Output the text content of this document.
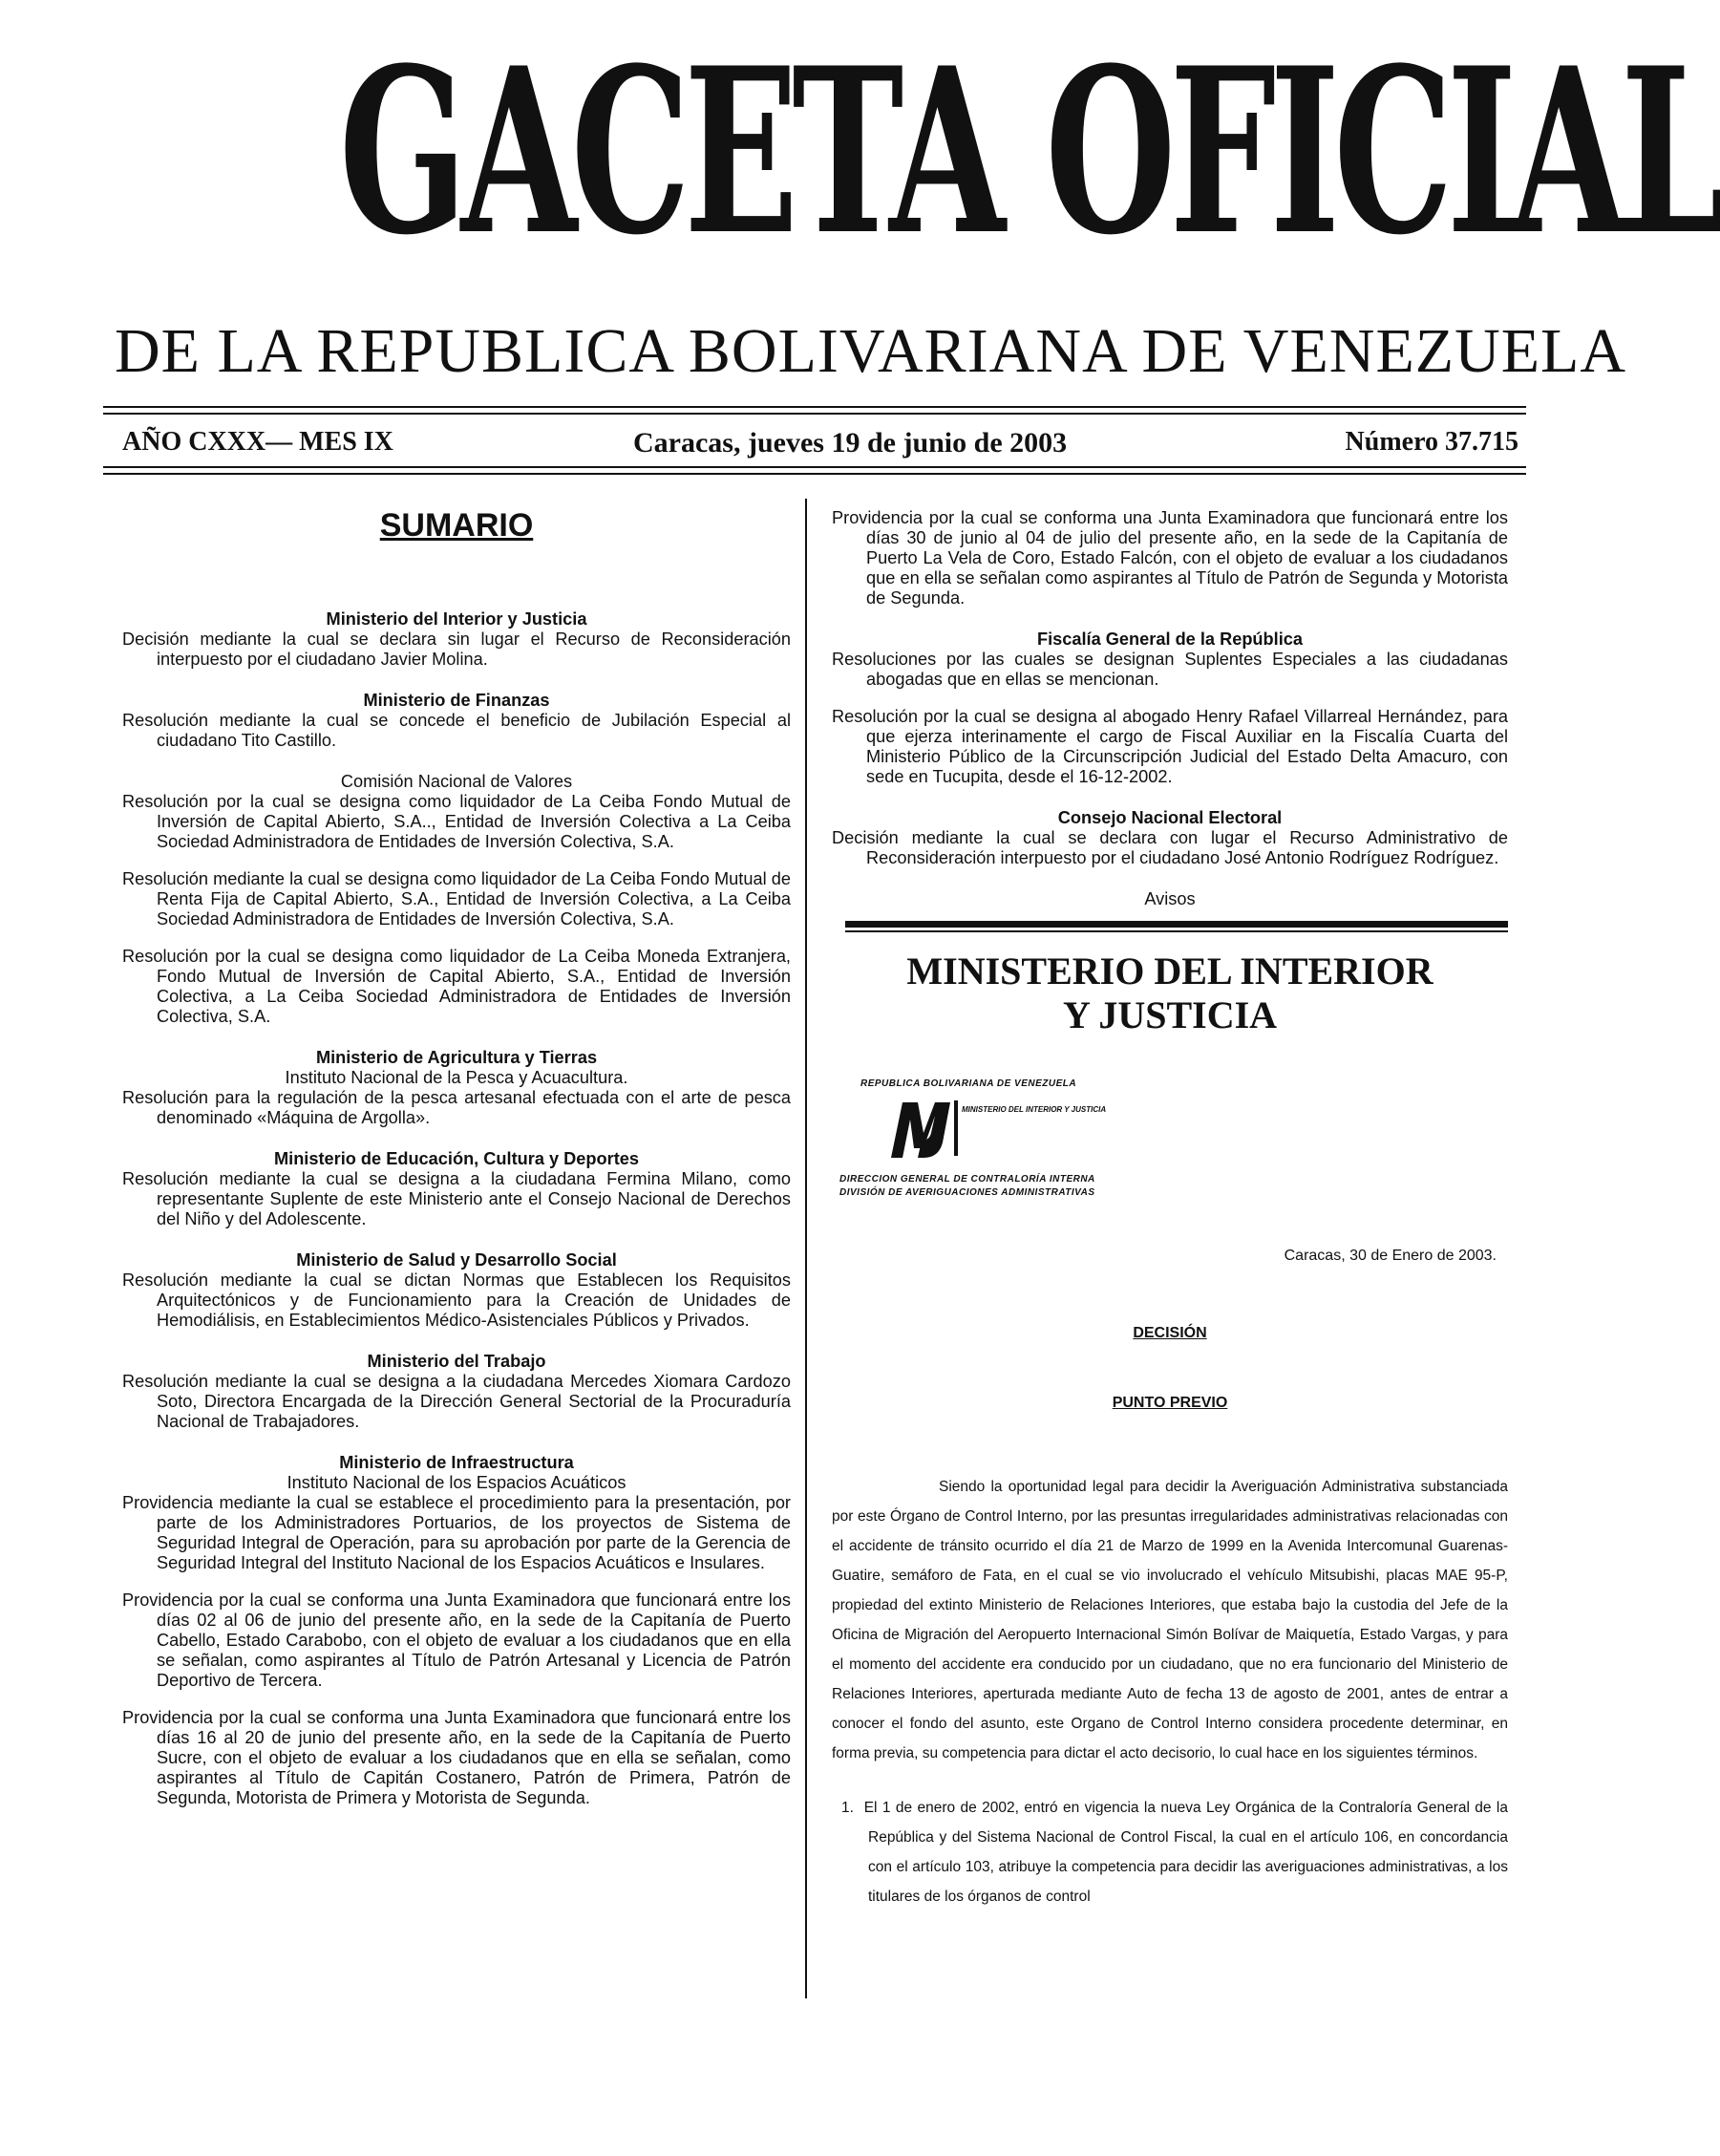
GACETA OFICIAL
DE LA REPUBLICA BOLIVARIANA DE VENEZUELA
AÑO CXXX— MES IX	Caracas, jueves 19 de junio de 2003	Número 37.715
SUMARIO
Ministerio del Interior y Justicia
Decisión mediante la cual se declara sin lugar el Recurso de Reconsideración interpuesto por el ciudadano Javier Molina.
Ministerio de Finanzas
Resolución mediante la cual se concede el beneficio de Jubilación Especial al ciudadano Tito Castillo.
Comisión Nacional de Valores
Resolución por la cual se designa como liquidador de La Ceiba Fondo Mutual de Inversión de Capital Abierto, S.A.., Entidad de Inversión Colectiva a La Ceiba Sociedad Administradora de Entidades de Inversión Colectiva, S.A.
Resolución mediante la cual se designa como liquidador de La Ceiba Fondo Mutual de Renta Fija de Capital Abierto, S.A., Entidad de Inversión Colectiva, a La Ceiba Sociedad Administradora de Entidades de Inversión Colectiva, S.A.
Resolución por la cual se designa como liquidador de La Ceiba Moneda Extranjera, Fondo Mutual de Inversión de Capital Abierto, S.A., Entidad de Inversión Colectiva, a La Ceiba Sociedad Administradora de Entidades de Inversión Colectiva, S.A.
Ministerio de Agricultura y Tierras
Instituto Nacional de la Pesca y Acuacultura.
Resolución para la regulación de la pesca artesanal efectuada con el arte de pesca denominado «Máquina de Argolla».
Ministerio de Educación, Cultura y Deportes
Resolución mediante la cual se designa a la ciudadana Fermina Milano, como representante Suplente de este Ministerio ante el Consejo Nacional de Derechos del Niño y del Adolescente.
Ministerio de Salud y Desarrollo Social
Resolución mediante la cual se dictan Normas que Establecen los Requisitos Arquitectónicos y de Funcionamiento para la Creación de Unidades de Hemodiálisis, en Establecimientos Médico-Asistenciales Públicos y Privados.
Ministerio del Trabajo
Resolución mediante la cual se designa a la ciudadana Mercedes Xiomara Cardozo Soto, Directora Encargada de la Dirección General Sectorial de la Procuraduría Nacional de Trabajadores.
Ministerio de Infraestructura
Instituto Nacional de los Espacios Acuáticos
Providencia mediante la cual se establece el procedimiento para la presentación, por parte de los Administradores Portuarios, de los proyectos de Sistema de Seguridad Integral de Operación, para su aprobación por parte de la Gerencia de Seguridad Integral del Instituto Nacional de los Espacios Acuáticos e Insulares.
Providencia por la cual se conforma una Junta Examinadora que funcionará entre los días 02 al 06 de junio del presente año, en la sede de la Capitanía de Puerto Cabello, Estado Carabobo, con el objeto de evaluar a los ciudadanos que en ella se señalan, como aspirantes al Título de Patrón Artesanal y Licencia de Patrón Deportivo de Tercera.
Providencia por la cual se conforma una Junta Examinadora que funcionará entre los días 16 al 20 de junio del presente año, en la sede de la Capitanía de Puerto Sucre, con el objeto de evaluar a los ciudadanos que en ella se señalan, como aspirantes al Título de Capitán Costanero, Patrón de Primera, Patrón de Segunda, Motorista de Primera y Motorista de Segunda.
Providencia por la cual se conforma una Junta Examinadora que funcionará entre los días 30 de junio al 04 de julio del presente año, en la sede de la Capitanía de Puerto La Vela de Coro, Estado Falcón, con el objeto de evaluar a los ciudadanos que en ella se señalan como aspirantes al Título de Patrón de Segunda y Motorista de Segunda.
Fiscalía General de la República
Resoluciones por las cuales se designan Suplentes Especiales a las ciudadanas abogadas que en ellas se mencionan.
Resolución por la cual se designa al abogado Henry Rafael Villarreal Hernández, para que ejerza interinamente el cargo de Fiscal Auxiliar en la Fiscalía Cuarta del Ministerio Público de la Circunscripción Judicial del Estado Delta Amacuro, con sede en Tucupita, desde el 16-12-2002.
Consejo Nacional Electoral
Decisión mediante la cual se declara con lugar el Recurso Administrativo de Reconsideración interpuesto por el ciudadano José Antonio Rodríguez Rodríguez.
Avisos
MINISTERIO DEL INTERIOR
Y JUSTICIA
REPUBLICA BOLIVARIANA DE VENEZUELA
MINISTERIO DEL INTERIOR Y JUSTICIA
DIRECCION GENERAL DE CONTRALORÍA INTERNA
DIVISIÓN DE AVERIGUACIONES ADMINISTRATIVAS
Caracas, 30 de Enero de 2003.
DECISIÓN
PUNTO PREVIO
Siendo la oportunidad legal para decidir la Averiguación Administrativa substanciada por este Órgano de Control Interno, por las presuntas irregularidades administrativas relacionadas con el accidente de tránsito ocurrido el día 21 de Marzo de 1999 en la Avenida Intercomunal Guarenas-Guatire, semáforo de Fata, en el cual se vio involucrado el vehículo Mitsubishi, placas MAE 95-P, propiedad del extinto Ministerio de Relaciones Interiores, que estaba bajo la custodia del Jefe de la Oficina de Migración del Aeropuerto Internacional Simón Bolívar de Maiquetía, Estado Vargas, y para el momento del accidente era conducido por un ciudadano, que no era funcionario del Ministerio de Relaciones Interiores, aperturada mediante Auto de fecha 13 de agosto de 2001, antes de entrar a conocer el fondo del asunto, este Organo de Control Interno considera procedente determinar, en forma previa, su competencia para dictar el acto decisorio, lo cual hace en los siguientes términos.
1. El 1 de enero de 2002, entró en vigencia la nueva Ley Orgánica de la Contraloría General de la República y del Sistema Nacional de Control Fiscal, la cual en el artículo 106, en concordancia con el artículo 103, atribuye la competencia para decidir las averiguaciones administrativas, a los titulares de los órganos de control
